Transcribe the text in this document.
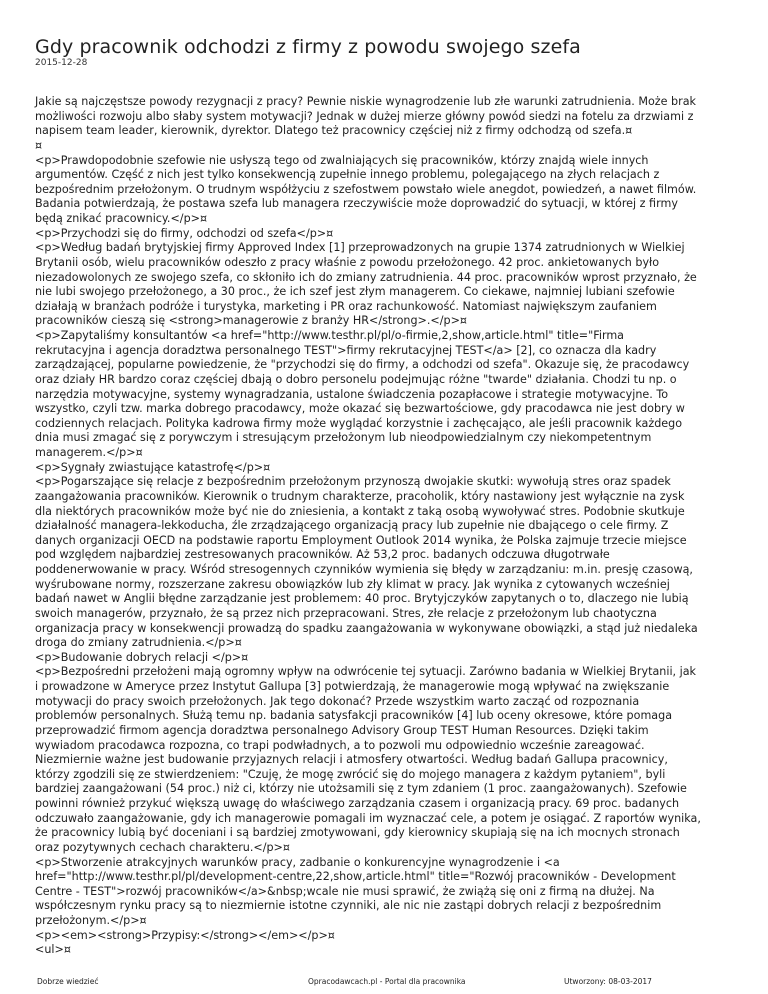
Gdy pracownik odchodzi z firmy z powodu swojego szefa
2015-12-28
Jakie są najczęstsze powody rezygnacji z pracy? Pewnie niskie wynagrodzenie lub złe warunki zatrudnienia. Może brak
możliwości rozwoju albo słaby system motywacji? Jednak w dużej mierze główny powód siedzi na fotelu za drzwiami z
napisem team leader, kierownik, dyrektor. Dlatego też pracownicy częściej niż z firmy odchodzą od szefa.¤
¤
<p>Prawdopodobnie szefowie nie usłyszą tego od zwalniających się pracowników, którzy znajdą wiele innych
argumentów. Część z nich jest tylko konsekwencją zupełnie innego problemu, polegającego na złych relacjach z
bezpośrednim przełożonym. O trudnym współżyciu z szefostwem powstało wiele anegdot, powiedzeń, a nawet filmów.
Badania potwierdzają, że postawa szefa lub managera rzeczywiście może doprowadzić do sytuacji, w której z firmy
będą znikać pracownicy.</p>¤
<p>Przychodzi się do firmy, odchodzi od szefa</p>¤
<p>Według badań brytyjskiej firmy Approved Index [1] przeprowadzonych na grupie 1374 zatrudnionych w Wielkiej
Brytanii osób, wielu pracowników odeszło z pracy właśnie z powodu przełożonego. 42 proc. ankietowanych było
niezadowolonych ze swojego szefa, co skłoniło ich do zmiany zatrudnienia. 44 proc. pracowników wprost przyznało, że
nie lubi swojego przełożonego, a 30 proc., że ich szef jest złym managerem. Co ciekawe, najmniej lubiani szefowie
działają w branżach podróże i turystyka, marketing i PR oraz rachunkowość. Natomiast największym zaufaniem
pracowników cieszą się <strong>managerowie z branży HR</strong>.</p>¤
<p>Zapytaliśmy konsultantów <a href="http://www.testhr.pl/pl/o-firmie,2,show,article.html" title="Firma
rekrutacyjna i agencja doradztwa personalnego TEST">firmy rekrutacyjnej TEST</a> [2], co oznacza dla kadry
zarządzającej, popularne powiedzenie, że "przychodzi się do firmy, a odchodzi od szefa". Okazuje się, że pracodawcy
oraz działy HR bardzo coraz częściej dbają o dobro personelu podejmując różne "twarde" działania. Chodzi tu np. o
narzędzia motywacyjne, systemy wynagradzania, ustalone świadczenia pozapłacowe i strategie motywacyjne. To
wszystko, czyli tzw. marka dobrego pracodawcy, może okazać się bezwartościowe, gdy pracodawca nie jest dobry w
codziennych relacjach. Polityka kadrowa firmy może wyglądać korzystnie i zachęcająco, ale jeśli pracownik każdego
dnia musi zmagać się z porywczym i stresującym przełożonym lub nieodpowiedzialnym czy niekompetentnym
managerem.</p>¤
<p>Sygnały zwiastujące katastrofę</p>¤
<p>Pogarszające się relacje z bezpośrednim przełożonym przynoszą dwojakie skutki: wywołują stres oraz spadek
zaangażowania pracowników. Kierownik o trudnym charakterze, pracoholik, który nastawiony jest wyłącznie na zysk
dla niektórych pracowników może być nie do zniesienia, a kontakt z taką osobą wywoływać stres. Podobnie skutkuje
działalność managera-lekkoducha, źle zrządzającego organizacją pracy lub zupełnie nie dbającego o cele firmy. Z
danych organizacji OECD na podstawie raportu Employment Outlook 2014 wynika, że Polska zajmuje trzecie miejsce
pod względem najbardziej zestresowanych pracowników. Aż 53,2 proc. badanych odczuwa długotrwałe
poddenerwowanie w pracy. Wśród stresogennych czynników wymienia się błędy w zarządzaniu: m.in. presję czasową,
wyśrubowane normy, rozszerzane zakresu obowiązków lub zły klimat w pracy. Jak wynika z cytowanych wcześniej
badań nawet w Anglii błędne zarządzanie jest problemem: 40 proc. Brytyjczyków zapytanych o to, dlaczego nie lubią
swoich managerów, przyznało, że są przez nich przepracowani. Stres, złe relacje z przełożonym lub chaotyczna
organizacja pracy w konsekwencji prowadzą do spadku zaangażowania w wykonywane obowiązki, a stąd już niedaleka
droga do zmiany zatrudnienia.</p>¤
<p>Budowanie dobrych relacji </p>¤
<p>Bezpośredni przełożeni mają ogromny wpływ na odwrócenie tej sytuacji. Zarówno badania w Wielkiej Brytanii, jak
i prowadzone w Ameryce przez Instytut Gallupa [3] potwierdzają, że managerowie mogą wpływać na zwiększanie
motywacji do pracy swoich przełożonych. Jak tego dokonać? Przede wszystkim warto zacząć od rozpoznania
problemów personalnych. Służą temu np. badania satysfakcji pracowników [4] lub oceny okresowe, które pomaga
przeprowadzić firmom agencja doradztwa personalnego Advisory Group TEST Human Resources. Dzięki takim
wywiadom pracodawca rozpozna, co trapi podwładnych, a to pozwoli mu odpowiednio wcześnie zareagować.
Niezmiernie ważne jest budowanie przyjaznych relacji i atmosfery otwartości. Według badań Gallupa pracownicy,
którzy zgodzili się ze stwierdzeniem: "Czuję, że mogę zwrócić się do mojego managera z każdym pytaniem", byli
bardziej zaangażowani (54 proc.) niż ci, którzy nie utożsamili się z tym zdaniem (1 proc. zaangażowanych). Szefowie
powinni również przykuć większą uwagę do właściwego zarządzania czasem i organizacją pracy. 69 proc. badanych
odczuwało zaangażowanie, gdy ich managerowie pomagali im wyznaczać cele, a potem je osiągać. Z raportów wynika,
że pracownicy lubią być doceniani i są bardziej zmotywowani, gdy kierownicy skupiają się na ich mocnych stronach
oraz pozytywnych cechach charakteru.</p>¤
<p>Stworzenie atrakcyjnych warunków pracy, zadbanie o konkurencyjne wynagrodzenie i <a
href="http://www.testhr.pl/pl/development-centre,22,show,article.html" title="Rozwój pracowników - Development
Centre - TEST">rozwój pracowników</a>&nbsp;wcale nie musi sprawić, że zwiążą się oni z firmą na dłużej. Na
współczesnym rynku pracy są to niezmiernie istotne czynniki, ale nic nie zastąpi dobrych relacji z bezpośrednim
przełożonym.</p>¤
<p><em><strong>Przypisy:</strong></em></p>¤
<ul>¤
Dobrze wiedzieć	Opracodawcach.pl - Portal dla pracownika	Utworzony: 08-03-2017
